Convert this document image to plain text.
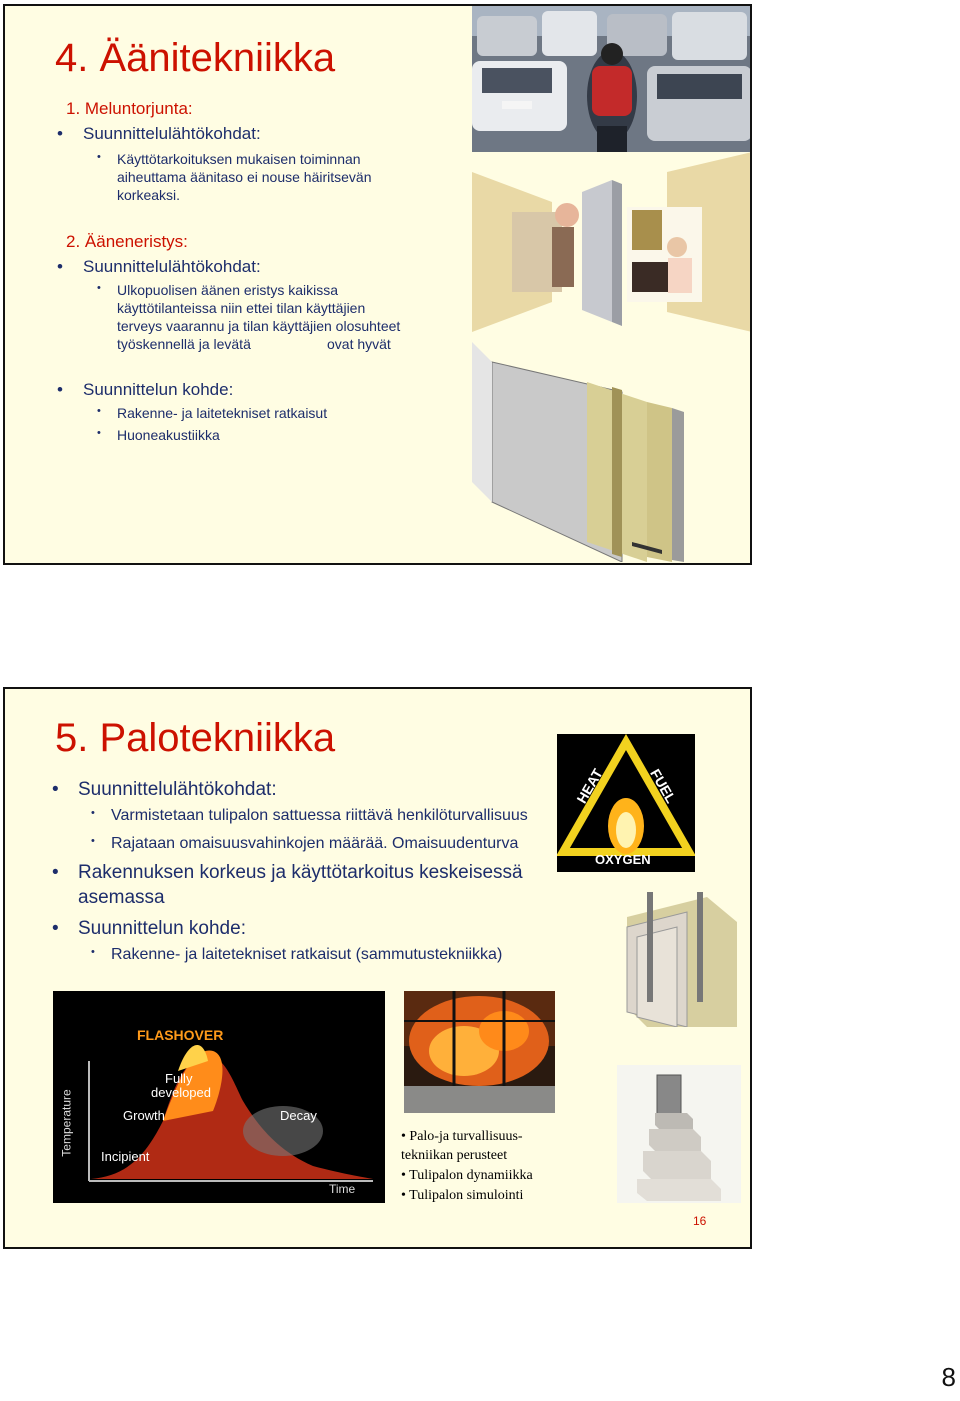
4. Äänitekniikka
1. Meluntorjunta:
• Suunnittelulähtökohdat:
• Käyttötarkoituksen mukaisen toiminnan
aiheuttama äänitaso ei nouse häiritsevän
korkeaksi.
2. Ääneneristys:
• Suunnittelulähtökohdat:
• Ulkopuolisen äänen eristys kaikissa
käyttötilanteissa niin ettei tilan käyttäjien
terveys vaarannu ja tilan käyttäjien olosuhteet
työskennellä ja levätä	ovat hyvät
• Suunnittelun kohde:
• Rakenne- ja laitetekniset ratkaisut
• Huoneakustiikka
5. Palotekniikka
• Suunnittelulähtökohdat:
• Varmistetaan tulipalon sattuessa riittävä henkilöturvallisuus
• Rajataan omaisuusvahinkojen määrää. Omaisuudenturva
• Rakennuksen korkeus ja käyttötarkoitus keskeisessä
asemassa
• Suunnittelun kohde:
• Rakenne- ja laitetekniset ratkaisut (sammutustekniikka)
HEAT	FUEL
OXYGEN
FLASHOVER
Fully
developed
Growth	Decay
Incipient
Time
Temperature	• Palo-ja turvallisuus-
tekniikan perusteet
• Tulipalon dynamiikka
• Tulipalon simulointi
16
8
